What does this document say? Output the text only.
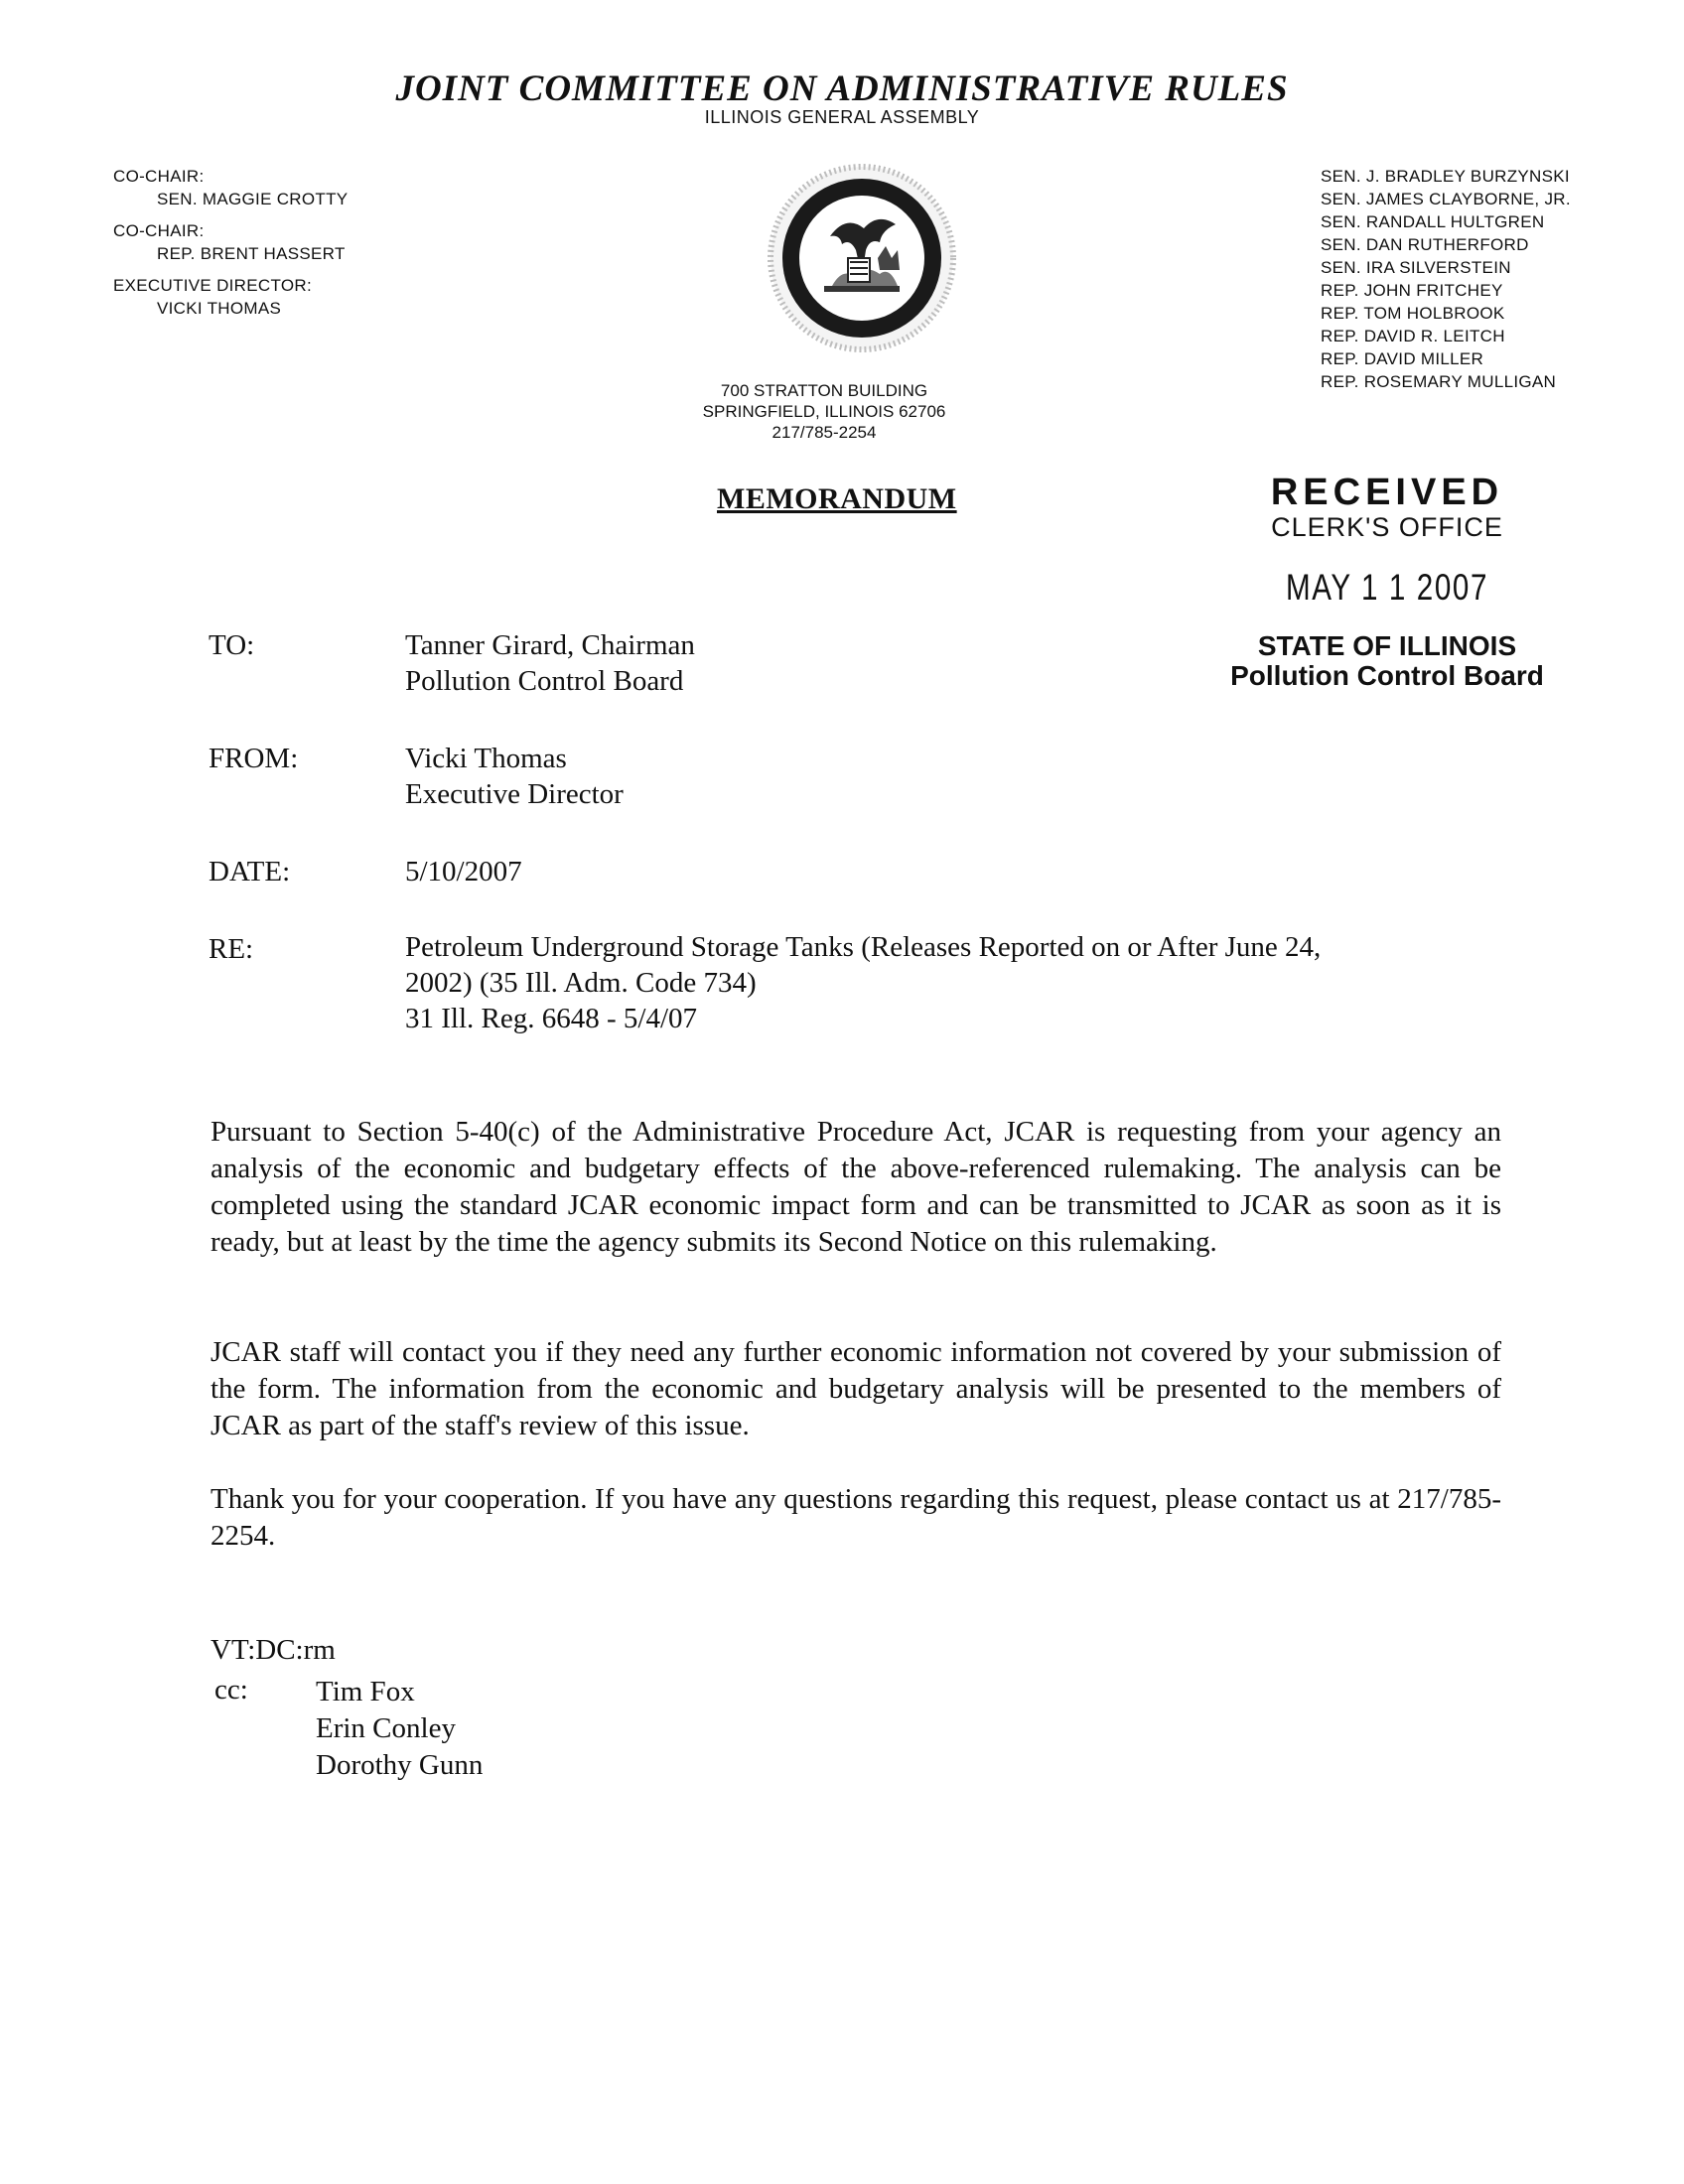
JOINT COMMITTEE ON ADMINISTRATIVE RULES
ILLINOIS GENERAL ASSEMBLY
CO-CHAIR:
SEN. MAGGIE CROTTY
CO-CHAIR:
REP. BRENT HASSERT
EXECUTIVE DIRECTOR:
VICKI THOMAS
SEN. J. BRADLEY BURZYNSKI
SEN. JAMES CLAYBORNE, JR.
SEN. RANDALL HULTGREN
SEN. DAN RUTHERFORD
SEN. IRA SILVERSTEIN
REP. JOHN FRITCHEY
REP. TOM HOLBROOK
REP. DAVID R. LEITCH
REP. DAVID MILLER
REP. ROSEMARY MULLIGAN
700 STRATTON BUILDING
SPRINGFIELD, ILLINOIS 62706
217/785-2254
MEMORANDUM	RECEIVED
CLERK'S OFFICE
MAY 1 1 2007
STATE OF ILLINOIS
Pollution Control Board
TO:	Tanner Girard, Chairman
Pollution Control Board
FROM:	Vicki Thomas
Executive Director
DATE:	5/10/2007
RE:	Petroleum Underground Storage Tanks (Releases Reported on or After June 24,
2002) (35 Ill. Adm. Code 734)
31 Ill. Reg. 6648 - 5/4/07
Pursuant to Section 5-40(c) of the Administrative Procedure Act, JCAR is requesting from your agency an analysis of the economic and budgetary effects of the above-referenced rulemaking. The analysis can be completed using the standard JCAR economic impact form and can be transmitted to JCAR as soon as it is ready, but at least by the time the agency submits its Second Notice on this rulemaking.
JCAR staff will contact you if they need any further economic information not covered by your submission of the form. The information from the economic and budgetary analysis will be presented to the members of JCAR as part of the staff's review of this issue.
Thank you for your cooperation. If you have any questions regarding this request, please contact us at 217/785-2254.
VT:DC:rm
cc: Tim Fox
Erin Conley
Dorothy Gunn
